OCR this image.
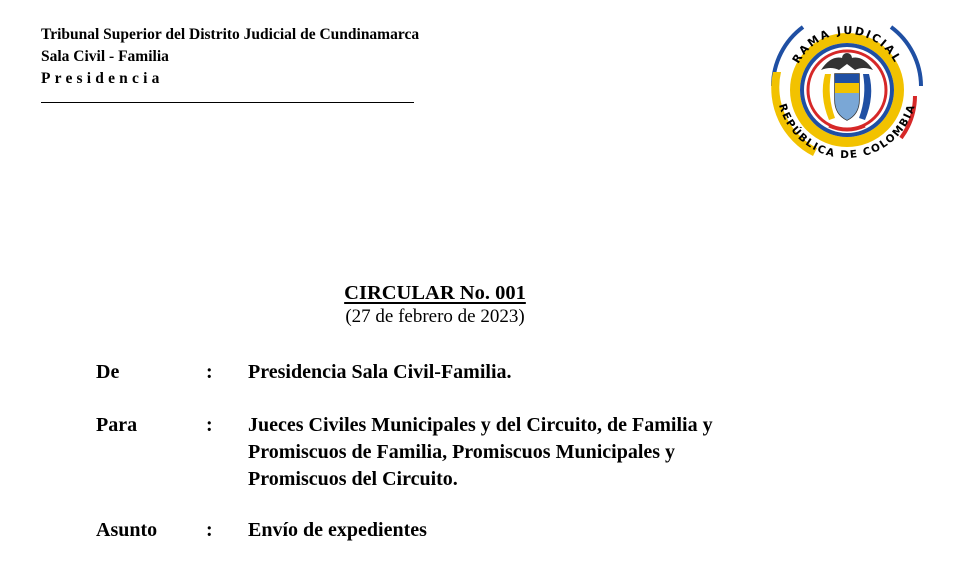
Tribunal Superior del Distrito Judicial de Cundinamarca
Sala Civil - Familia
Presidencia
RAMA JUDICIAL
REPÚBLICA DE COLOMBIA
CIRCULAR No. 001
(27 de febrero de 2023)
De	: Presidencia Sala Civil-Familia.
Para	: Jueces Civiles Municipales y del Circuito, de Familia y
Promiscuos de Familia, Promiscuos Municipales y
Promiscuos del Circuito.
Asunto	: Envío de expedientes
